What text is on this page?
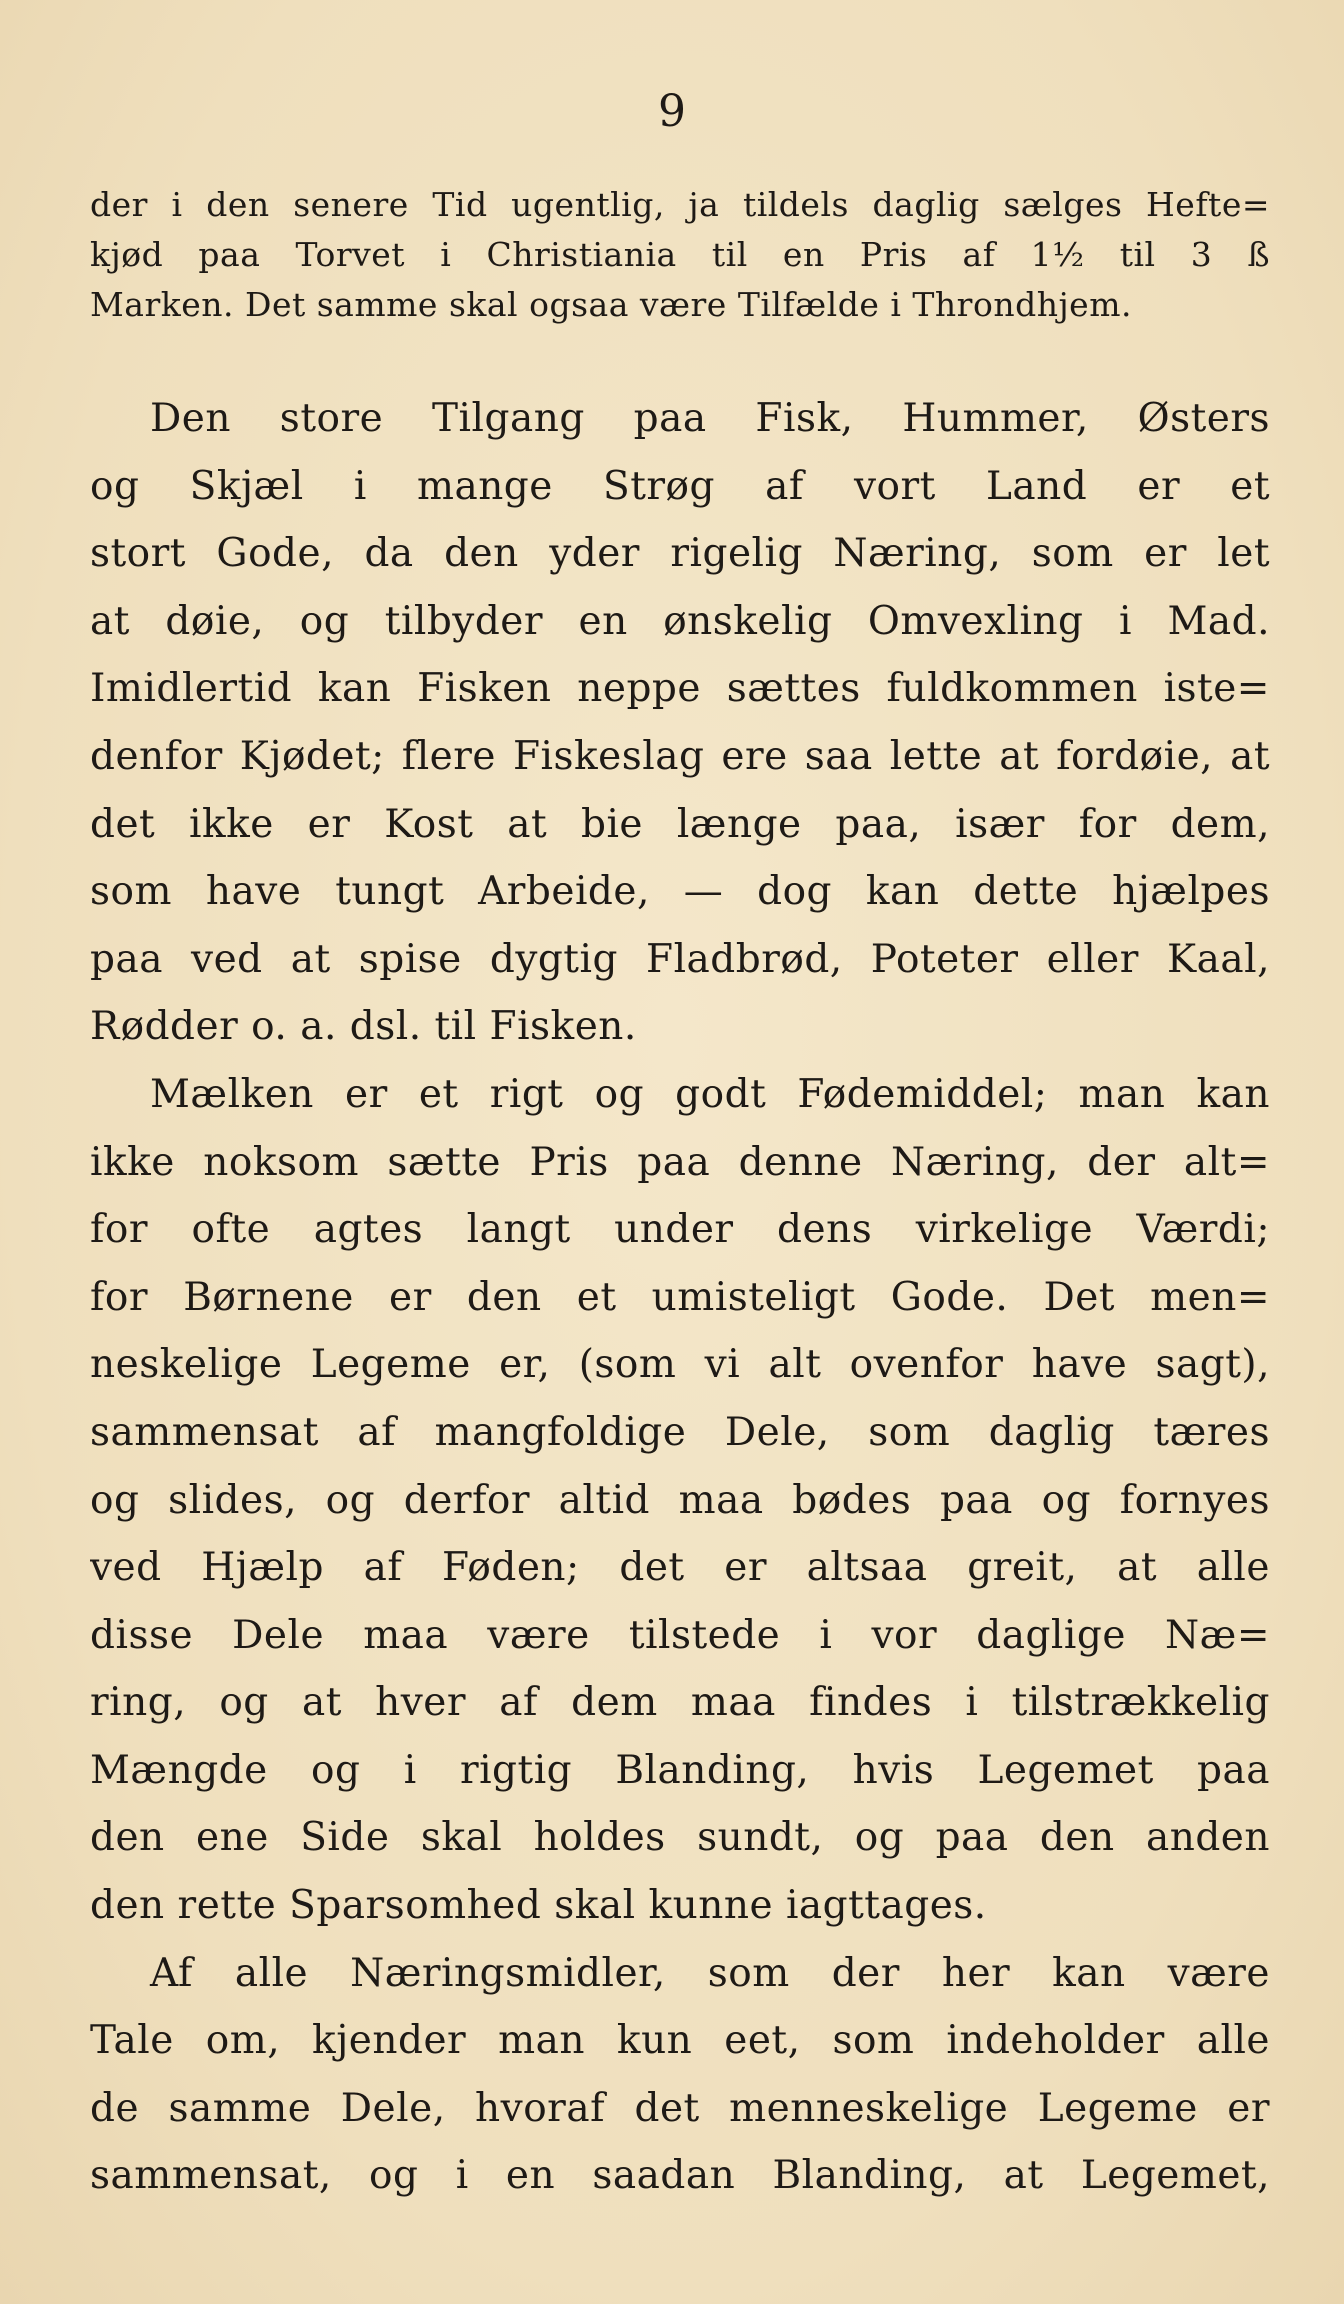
9
der i den senere Tid ugentlig, ja tildels daglig sælges Hefte=
kjød paa Torvet i Christiania til en Pris af 1½ til 3 ß
Marken. Det samme skal ogsaa være Tilfælde i Throndhjem.
Den store Tilgang paa Fisk, Hummer, Østers
og Skjæl i mange Strøg af vort Land er et
stort Gode, da den yder rigelig Næring, som er let
at døie, og tilbyder en ønskelig Omvexling i Mad.
Imidlertid kan Fisken neppe sættes fuldkommen iste=
denfor Kjødet; flere Fiskeslag ere saa lette at fordøie, at
det ikke er Kost at bie længe paa, især for dem,
som have tungt Arbeide, — dog kan dette hjælpes
paa ved at spise dygtig Fladbrød, Poteter eller Kaal,
Rødder o. a. dsl. til Fisken.
Mælken er et rigt og godt Fødemiddel; man kan
ikke noksom sætte Pris paa denne Næring, der alt=
for ofte agtes langt under dens virkelige Værdi;
for Børnene er den et umisteligt Gode. Det men=
neskelige Legeme er, (som vi alt ovenfor have sagt),
sammensat af mangfoldige Dele, som daglig tæres
og slides, og derfor altid maa bødes paa og fornyes
ved Hjælp af Føden; det er altsaa greit, at alle
disse Dele maa være tilstede i vor daglige Næ=
ring, og at hver af dem maa findes i tilstrækkelig
Mængde og i rigtig Blanding, hvis Legemet paa
den ene Side skal holdes sundt, og paa den anden
den rette Sparsomhed skal kunne iagttages.
Af alle Næringsmidler, som der her kan være
Tale om, kjender man kun eet, som indeholder alle
de samme Dele, hvoraf det menneskelige Legeme er
sammensat, og i en saadan Blanding, at Legemet,
